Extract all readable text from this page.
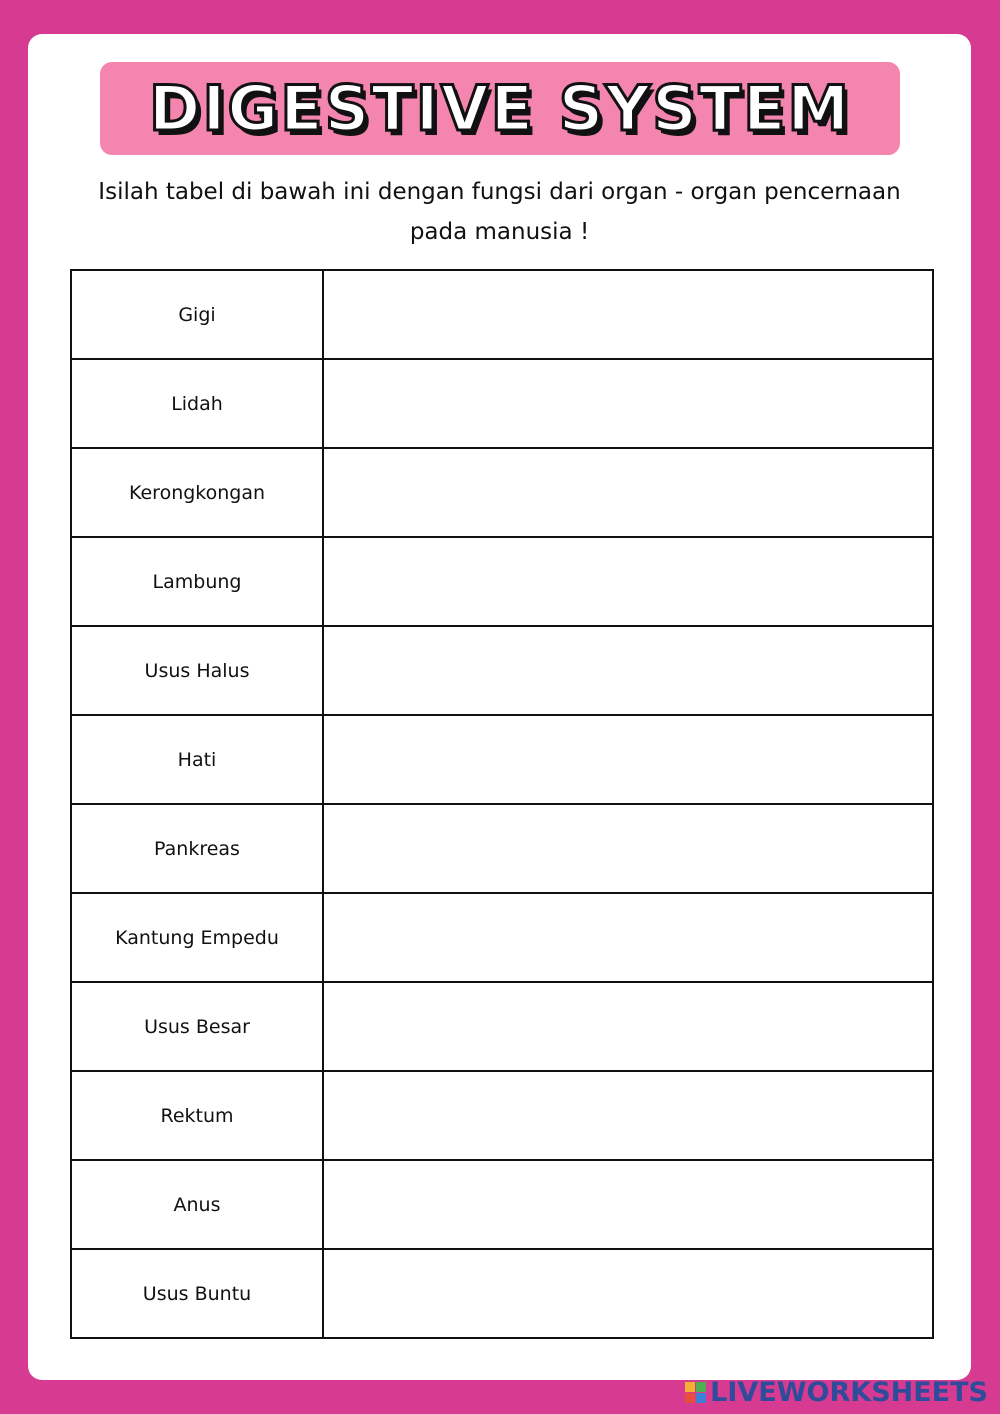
DIGESTIVE SYSTEM
Isilah tabel di bawah ini dengan fungsi dari organ - organ pencernaan pada manusia !
Gigi	
Lidah	
Kerongkongan	
Lambung	
Usus Halus	
Hati	
Pankreas	
Kantung Empedu	
Usus Besar	
Rektum	
Anus	
Usus Buntu	
LIVEWORKSHEETS
